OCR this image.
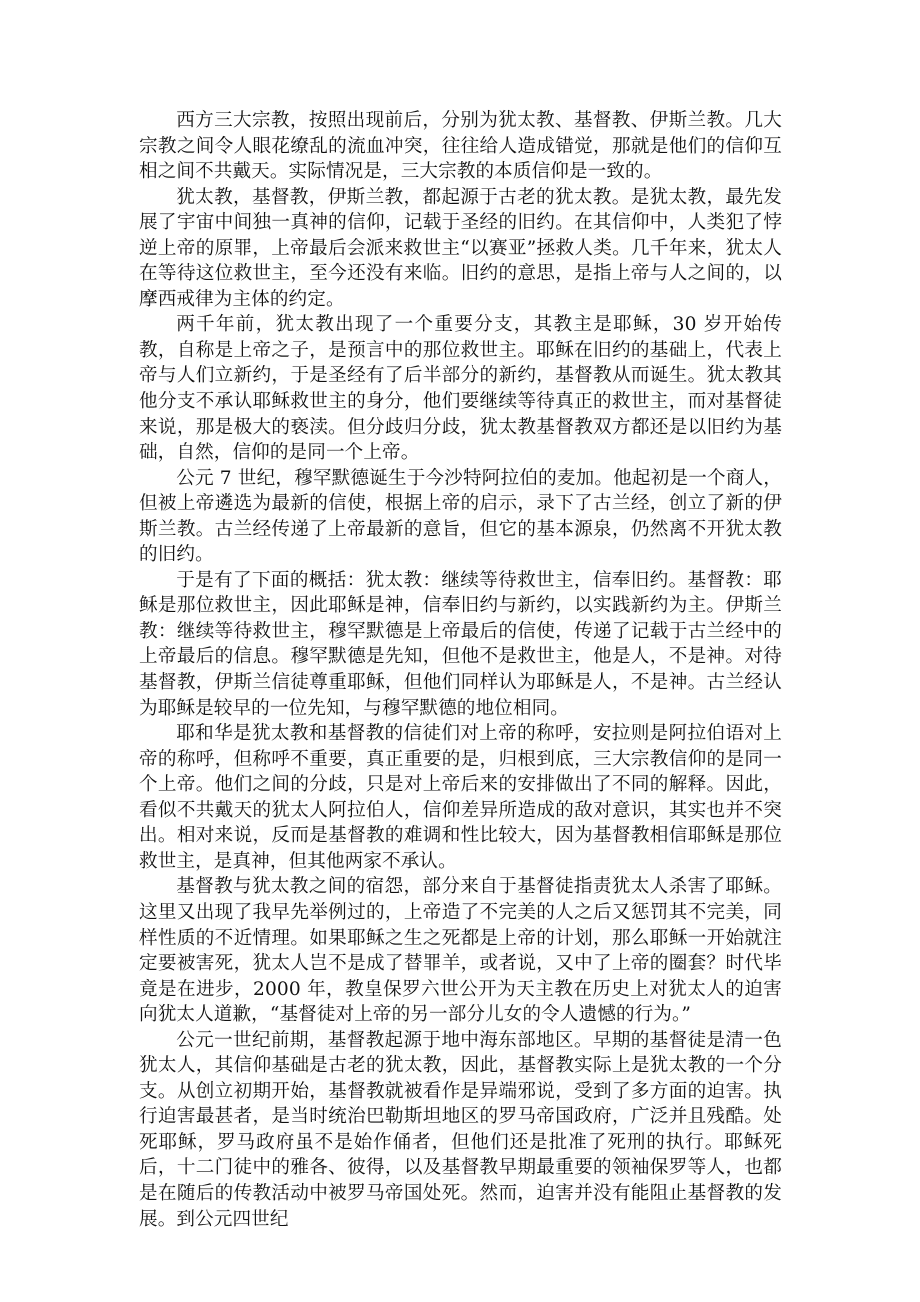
西方三大宗教，按照出现前后，分别为犹太教、基督教、伊斯兰教。几大宗教之间令人眼花缭乱的流血冲突，往往给人造成错觉，那就是他们的信仰互相之间不共戴天。实际情况是，三大宗教的本质信仰是一致的。

犹太教，基督教，伊斯兰教，都起源于古老的犹太教。是犹太教，最先发展了宇宙中间独一真神的信仰，记载于圣经的旧约。在其信仰中，人类犯了悖逆上帝的原罪，上帝最后会派来救世主“以赛亚”拯救人类。几千年来，犹太人在等待这位救世主，至今还没有来临。旧约的意思，是指上帝与人之间的，以摩西戒律为主体的约定。

两千年前，犹太教出现了一个重要分支，其教主是耶稣，30 岁开始传教，自称是上帝之子，是预言中的那位救世主。耶稣在旧约的基础上，代表上帝与人们立新约，于是圣经有了后半部分的新约，基督教从而诞生。犹太教其他分支不承认耶稣救世主的身分，他们要继续等待真正的救世主，而对基督徒来说，那是极大的亵渎。但分歧归分歧，犹太教基督教双方都还是以旧约为基础，自然，信仰的是同一个上帝。

公元 7 世纪，穆罕默德诞生于今沙特阿拉伯的麦加。他起初是一个商人，但被上帝遴选为最新的信使，根据上帝的启示，录下了古兰经，创立了新的伊斯兰教。古兰经传递了上帝最新的意旨，但它的基本源泉，仍然离不开犹太教的旧约。

于是有了下面的概括：犹太教：继续等待救世主，信奉旧约。基督教：耶稣是那位救世主，因此耶稣是神，信奉旧约与新约，以实践新约为主。伊斯兰教：继续等待救世主，穆罕默德是上帝最后的信使，传递了记载于古兰经中的上帝最后的信息。穆罕默德是先知，但他不是救世主，他是人，不是神。对待基督教，伊斯兰信徒尊重耶稣，但他们同样认为耶稣是人，不是神。古兰经认为耶稣是较早的一位先知，与穆罕默德的地位相同。

耶和华是犹太教和基督教的信徒们对上帝的称呼，安拉则是阿拉伯语对上帝的称呼，但称呼不重要，真正重要的是，归根到底，三大宗教信仰的是同一个上帝。他们之间的分歧，只是对上帝后来的安排做出了不同的解释。因此，看似不共戴天的犹太人阿拉伯人，信仰差异所造成的敌对意识，其实也并不突出。相对来说，反而是基督教的难调和性比较大，因为基督教相信耶稣是那位救世主，是真神，但其他两家不承认。

基督教与犹太教之间的宿怨，部分来自于基督徒指责犹太人杀害了耶稣。这里又出现了我早先举例过的，上帝造了不完美的人之后又惩罚其不完美，同样性质的不近情理。如果耶稣之生之死都是上帝的计划，那么耶稣一开始就注定要被害死，犹太人岂不是成了替罪羊，或者说，又中了上帝的圈套？时代毕竟是在进步，2000 年，教皇保罗六世公开为天主教在历史上对犹太人的迫害向犹太人道歉，“基督徒对上帝的另一部分儿女的令人遗憾的行为。”

公元一世纪前期，基督教起源于地中海东部地区。早期的基督徒是清一色犹太人，其信仰基础是古老的犹太教，因此，基督教实际上是犹太教的一个分支。从创立初期开始，基督教就被看作是异端邪说，受到了多方面的迫害。执行迫害最甚者，是当时统治巴勒斯坦地区的罗马帝国政府，广泛并且残酷。处死耶稣，罗马政府虽不是始作俑者，但他们还是批准了死刑的执行。耶稣死后，十二门徒中的雅各、彼得，以及基督教早期最重要的领袖保罗等人，也都是在随后的传教活动中被罗马帝国处死。然而，迫害并没有能阻止基督教的发展。到公元四世纪
